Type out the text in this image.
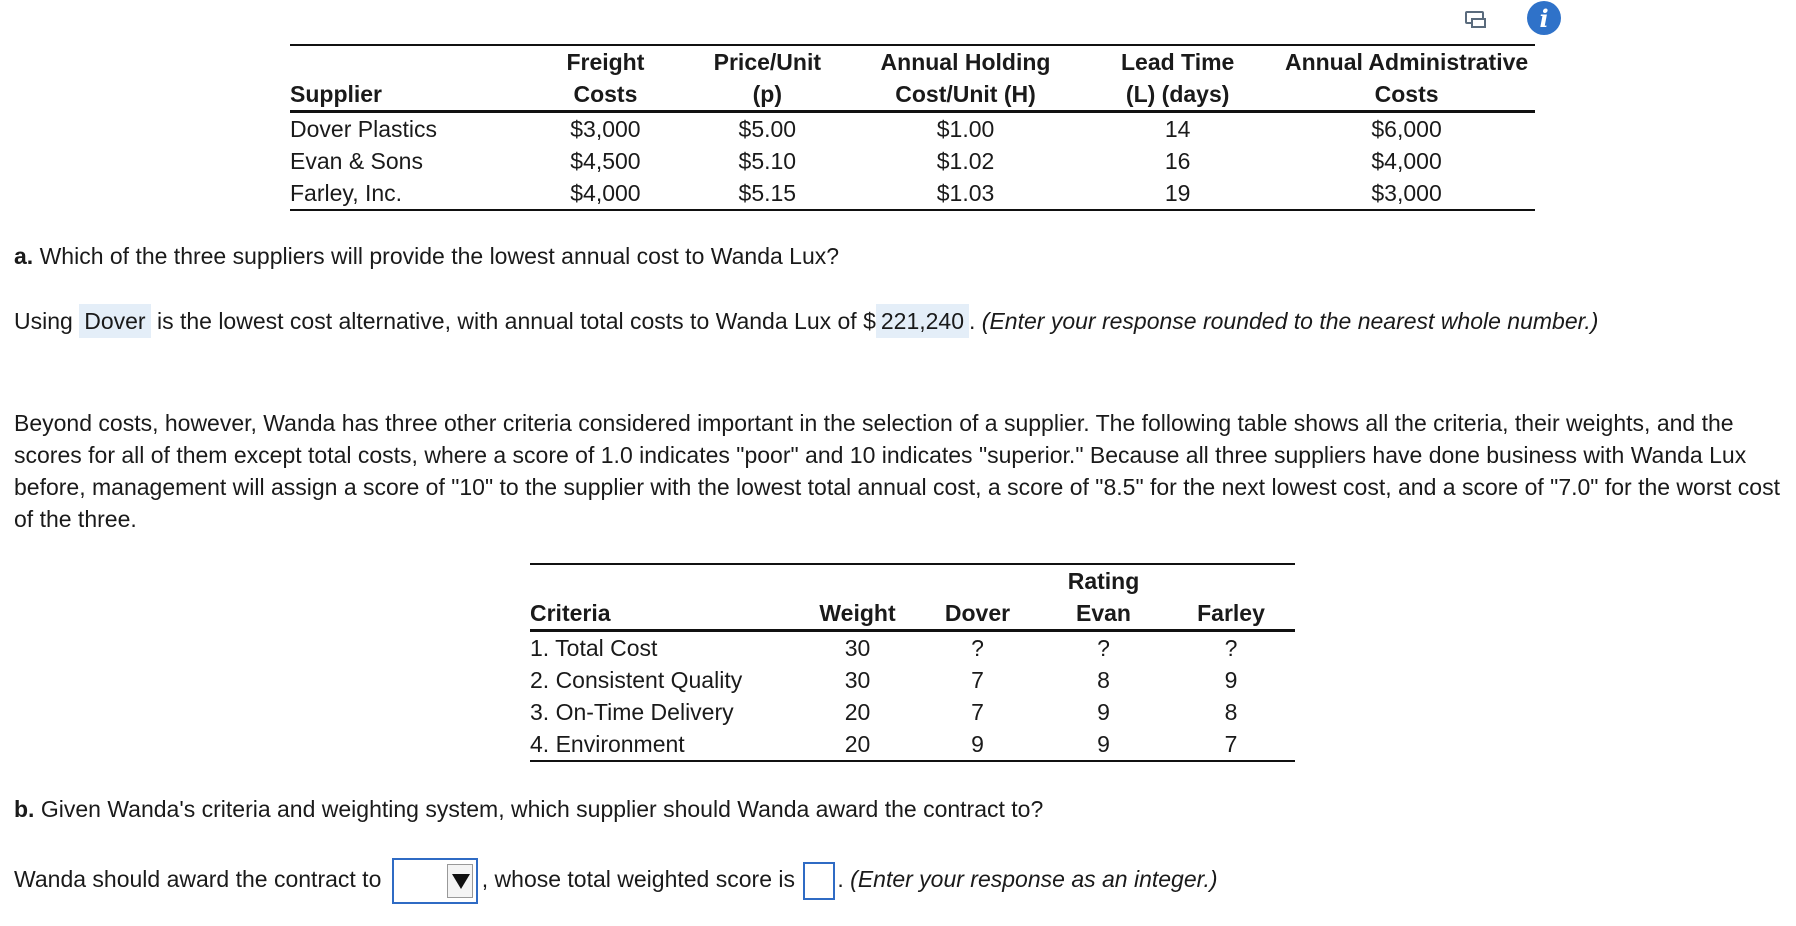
i
	Freight	Price/Unit	Annual Holding	Lead Time	Annual Administrative
Supplier	Costs	(p)	Cost/Unit (H)	(L) (days)	Costs
Dover Plastics	$3,000	$5.00	$1.00	14	$6,000
Evan & Sons	$4,500	$5.10	$1.02	16	$4,000
Farley, Inc.	$4,000	$5.15	$1.03	19	$3,000
a. Which of the three suppliers will provide the lowest annual cost to Wanda Lux?
Using Dover is the lowest cost alternative, with annual total costs to Wanda Lux of $ 221,240 . (Enter your response rounded to the nearest whole number.)
Beyond costs, however, Wanda has three other criteria considered important in the selection of a supplier. The following table shows all the criteria, their weights, and the scores for all of them except total costs, where a score of 1.0 indicates "poor" and 10 indicates "superior." Because all three suppliers have done business with Wanda Lux before, management will assign a score of "10" to the supplier with the lowest total annual cost, a score of "8.5" for the next lowest cost, and a score of "7.0" for the worst cost of the three.
			Rating	
Criteria	Weight	Dover	Evan	Farley
1. Total Cost	30	?	?	?
2. Consistent Quality	30	7	8	9
3. On-Time Delivery	20	7	9	8
4. Environment	20	9	9	7
b. Given Wanda's criteria and weighting system, which supplier should Wanda award the contract to?
Wanda should award the contract to	, whose total weighted score is . (Enter your response as an integer.)
